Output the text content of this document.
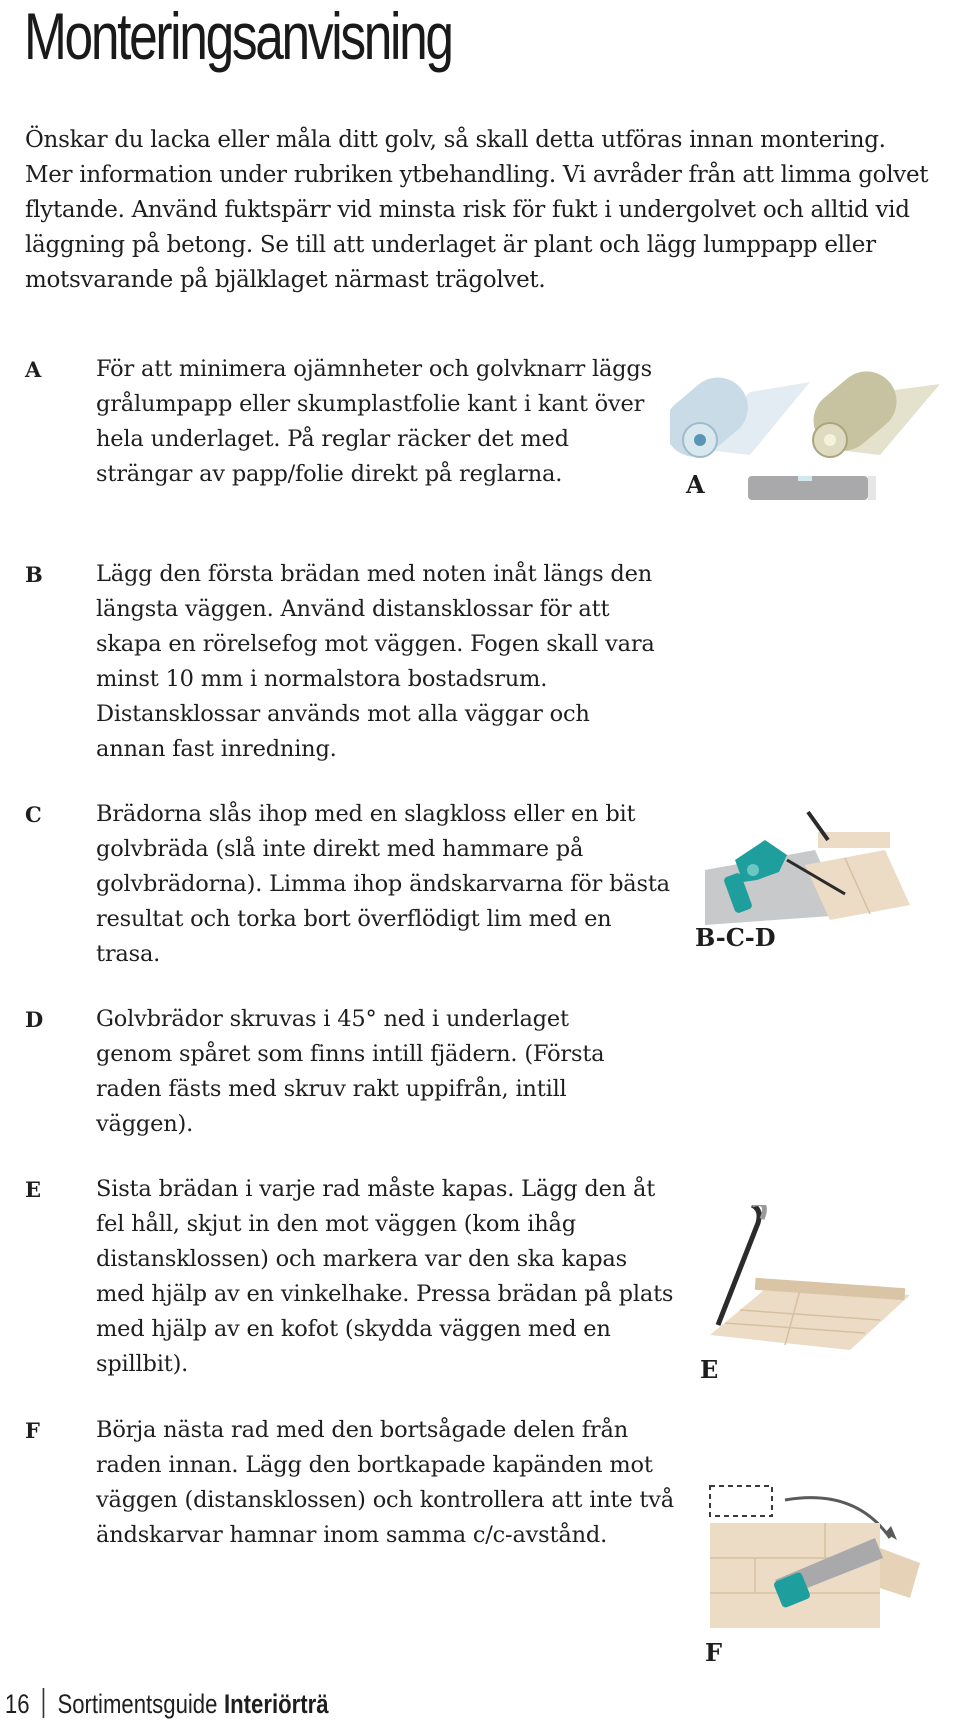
Monteringsanvisning

Önskar du lacka eller måla ditt golv, så skall detta utföras innan montering. Mer information under rubriken ytbehandling. Vi avråder från att limma golvet flytande. Använd fuktspärr vid minsta risk för fukt i undergolvet och alltid vid läggning på betong. Se till att underlaget är plant och lägg lumppapp eller motsvarande på bjälklaget närmast trägolvet.

A För att minimera ojämnheter och golvknarr läggs grålumpapp eller skumplastfolie kant i kant över hela underlaget. På reglar räcker det med strängar av papp/folie direkt på reglarna.

B Lägg den första brädan med noten inåt längs den längsta väggen. Använd distansklossar för att skapa en rörelsefog mot väggen. Fogen skall vara minst 10 mm i normalstora bostadsrum. Distansklossar används mot alla väggar och annan fast inredning.

C Brädorna slås ihop med en slagkloss eller en bit golvbräda (slå inte direkt med hammare på golvbrädorna). Limma ihop ändskarvarna för bästa resultat och torka bort överflödigt lim med en trasa.

D Golvbrädor skruvas i 45° ned i underlaget genom spåret som finns intill fjädern. (Första raden fästs med skruv rakt uppifrån, intill väggen).

E Sista brädan i varje rad måste kapas. Lägg den åt fel håll, skjut in den mot väggen (kom ihåg distansklossen) och markera var den ska kapas med hjälp av en vinkelhake. Pressa brädan på plats med hjälp av en kofot (skydda väggen med en spillbit).

F Börja nästa rad med den bortsågade delen från raden innan. Lägg den bortkapade kapänden mot väggen (distansklossen) och kontrollera att inte två ändskarvar hamnar inom samma c/c-avstånd.

A
B-C-D
E
F
16 Sortimentsguide Interiörträ
